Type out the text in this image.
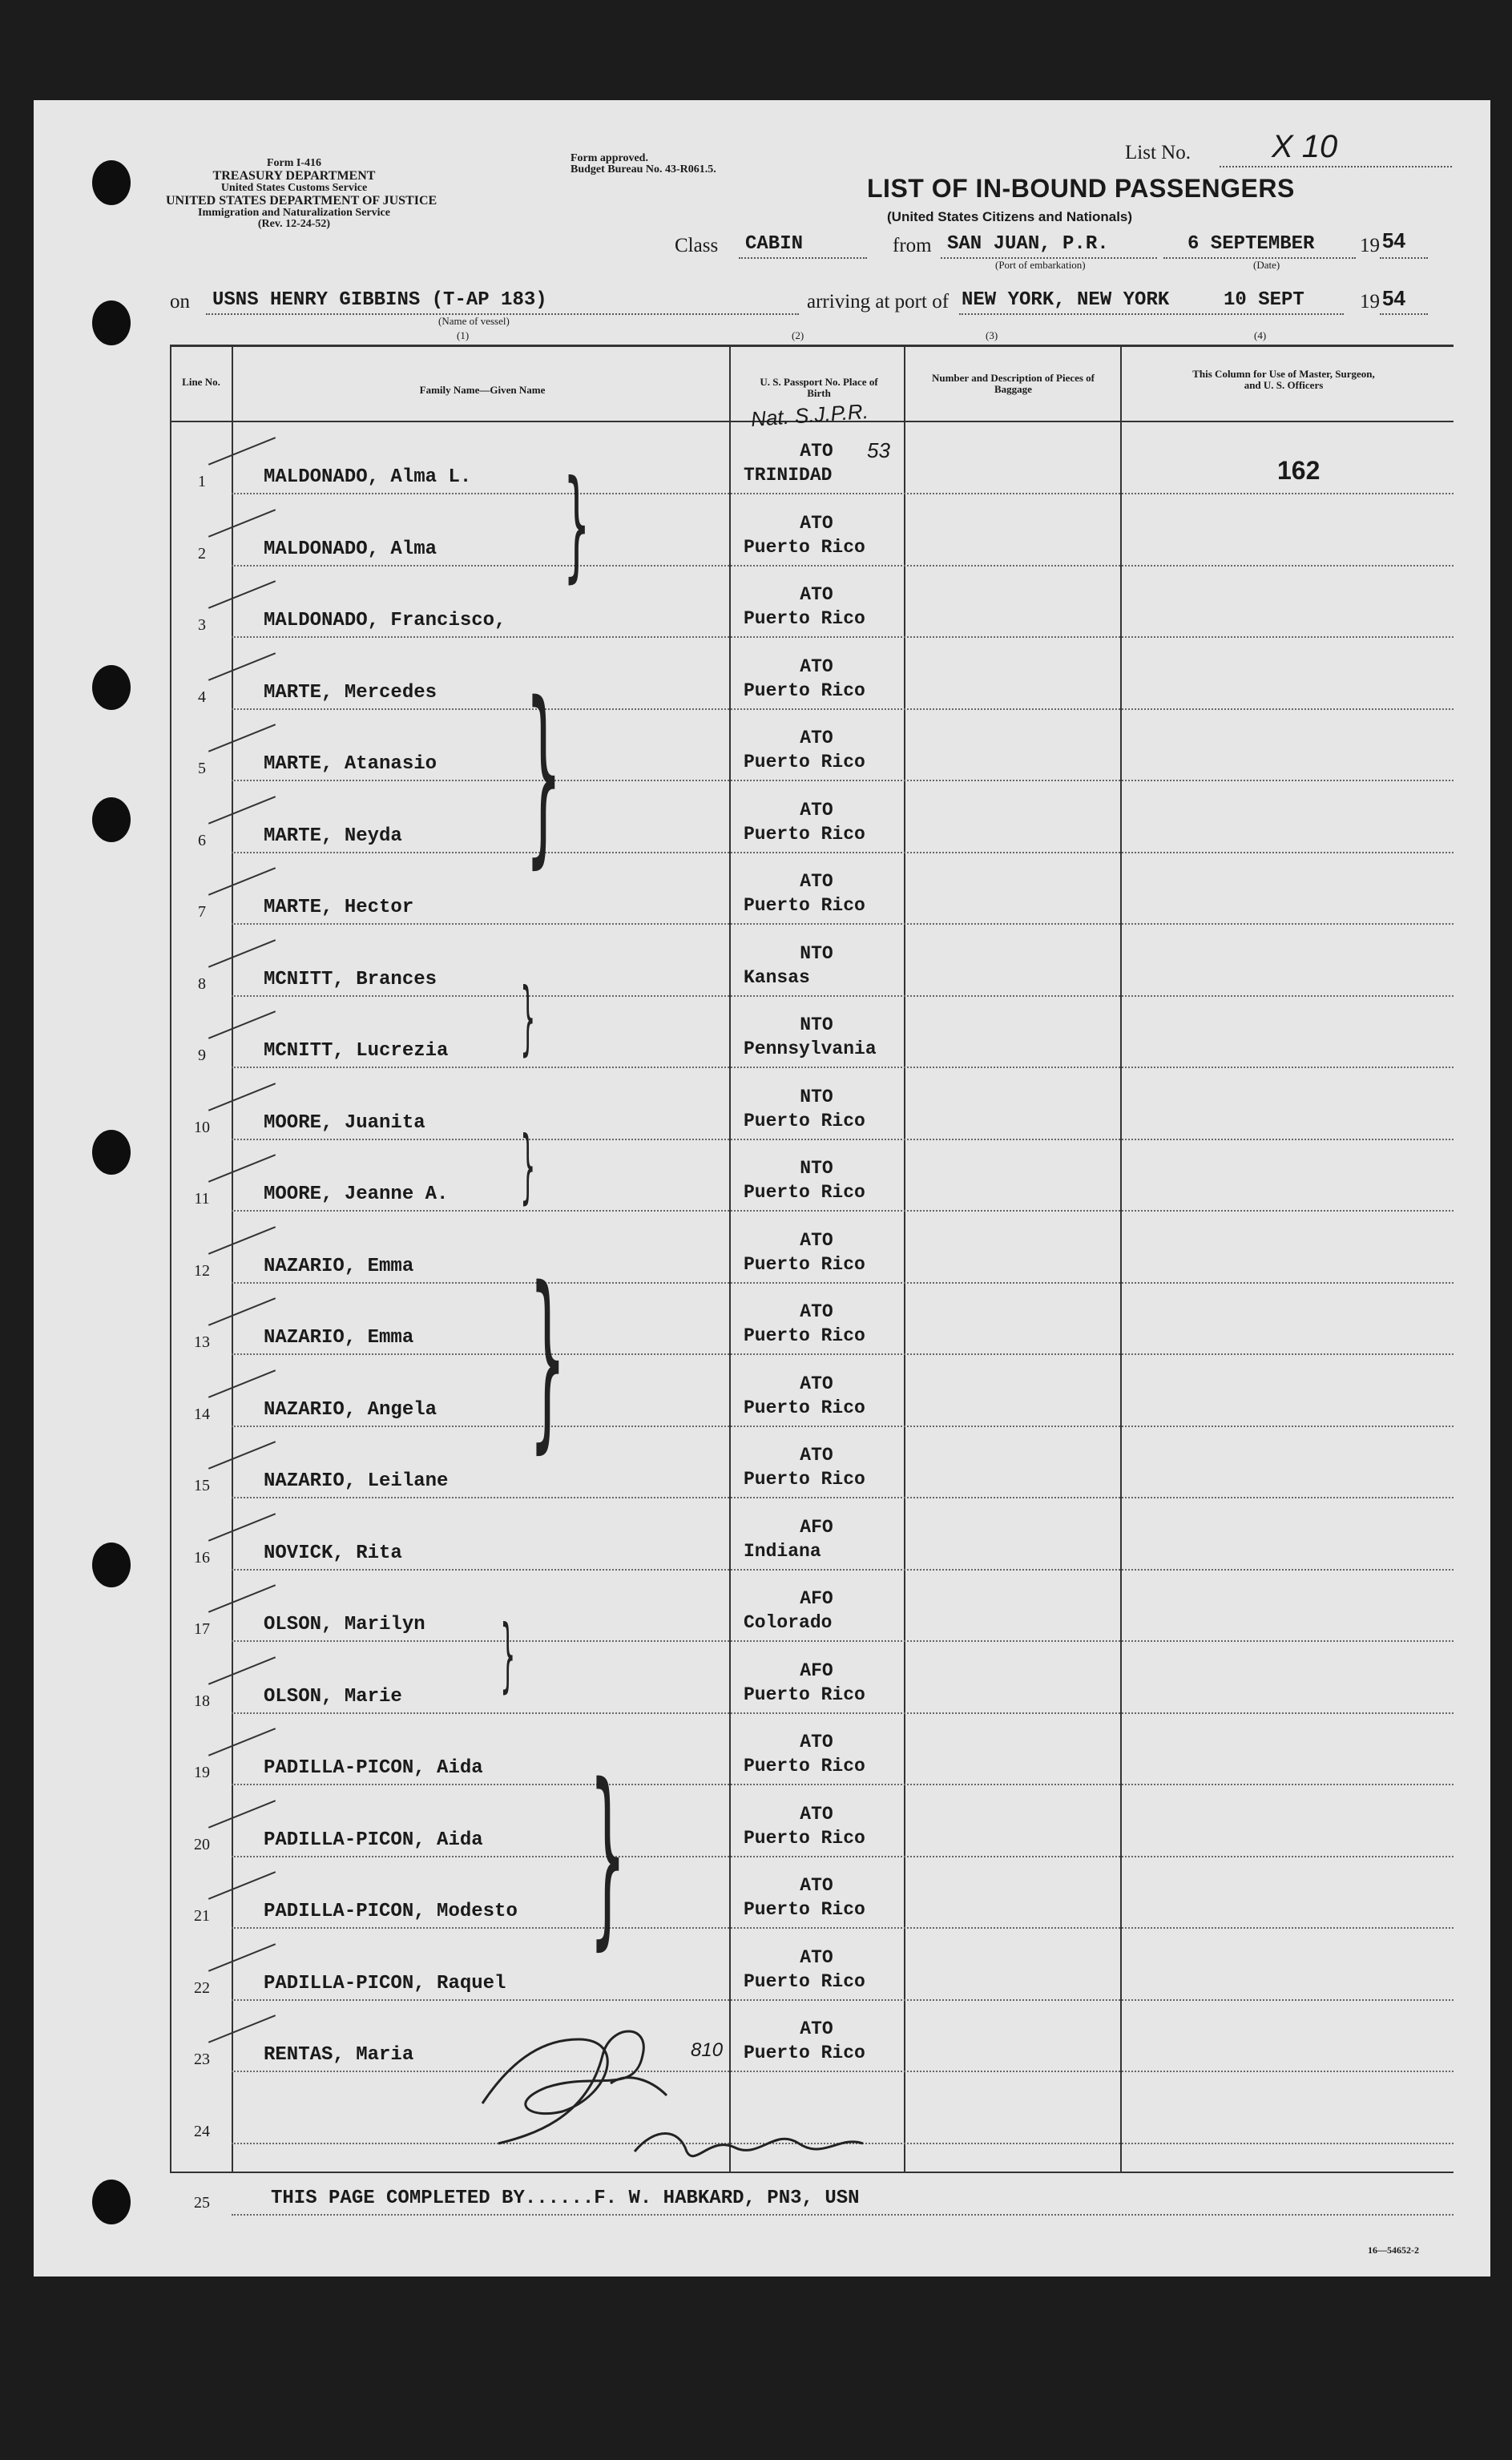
Form I-416
TREASURY DEPARTMENT
United States Customs Service
UNITED STATES DEPARTMENT OF JUSTICE
Immigration and Naturalization Service
(Rev. 12-24-52)
Form approved.
Budget Bureau No. 43-R061.5.
List No.	X 10
LIST OF IN-BOUND PASSENGERS
(United States Citizens and Nationals)
Class CABIN	from SAN JUAN, P.R.
(Port of embarkation)
6 SEPTEMBER
(Date)
19 54
on USNS HENRY GIBBINS (T-AP 183)
(Name of vessel)
arriving at port of NEW YORK, NEW YORK	10 SEPT	19 54
(1)	(2)	(3)	(4)
Line No.
Family Name—Given Name
U. S. Passport No. Place of Birth
Number and Description of Pieces of Baggage
This Column for Use of Master, Surgeon, and U. S. Officers
Nat. S.J.P.R.
53
162
1	MALDONADO, Alma L.
ATO
TRINIDAD
2	MALDONADO, Alma
ATO
Puerto Rico
3	MALDONADO, Francisco,
ATO
Puerto Rico
4	MARTE, Mercedes
ATO
Puerto Rico
5	MARTE, Atanasio
ATO
Puerto Rico
6	MARTE, Neyda
ATO
Puerto Rico
7	MARTE, Hector
ATO
Puerto Rico
8	MCNITT, Brances
NTO
Kansas
9	MCNITT, Lucrezia
NTO
Pennsylvania
10	MOORE, Juanita
NTO
Puerto Rico
11	MOORE, Jeanne A.
NTO
Puerto Rico
12	NAZARIO, Emma
ATO
Puerto Rico
13	NAZARIO, Emma
ATO
Puerto Rico
14	NAZARIO, Angela
ATO
Puerto Rico
15	NAZARIO, Leilane
ATO
Puerto Rico
16	NOVICK, Rita
AFO
Indiana
17	OLSON, Marilyn
AFO
Colorado
18	OLSON, Marie
AFO
Puerto Rico
19	PADILLA-PICON, Aida
ATO
Puerto Rico
20	PADILLA-PICON, Aida
ATO
Puerto Rico
21	PADILLA-PICON, Modesto
ATO
Puerto Rico
22	PADILLA-PICON, Raquel
ATO
Puerto Rico
23	RENTAS, Maria
ATO
Puerto Rico
24
25	THIS PAGE COMPLETED BY......F. W. HABKARD, PN3, USN
}
}
}
}
}
}
}
810
16—54652-2
